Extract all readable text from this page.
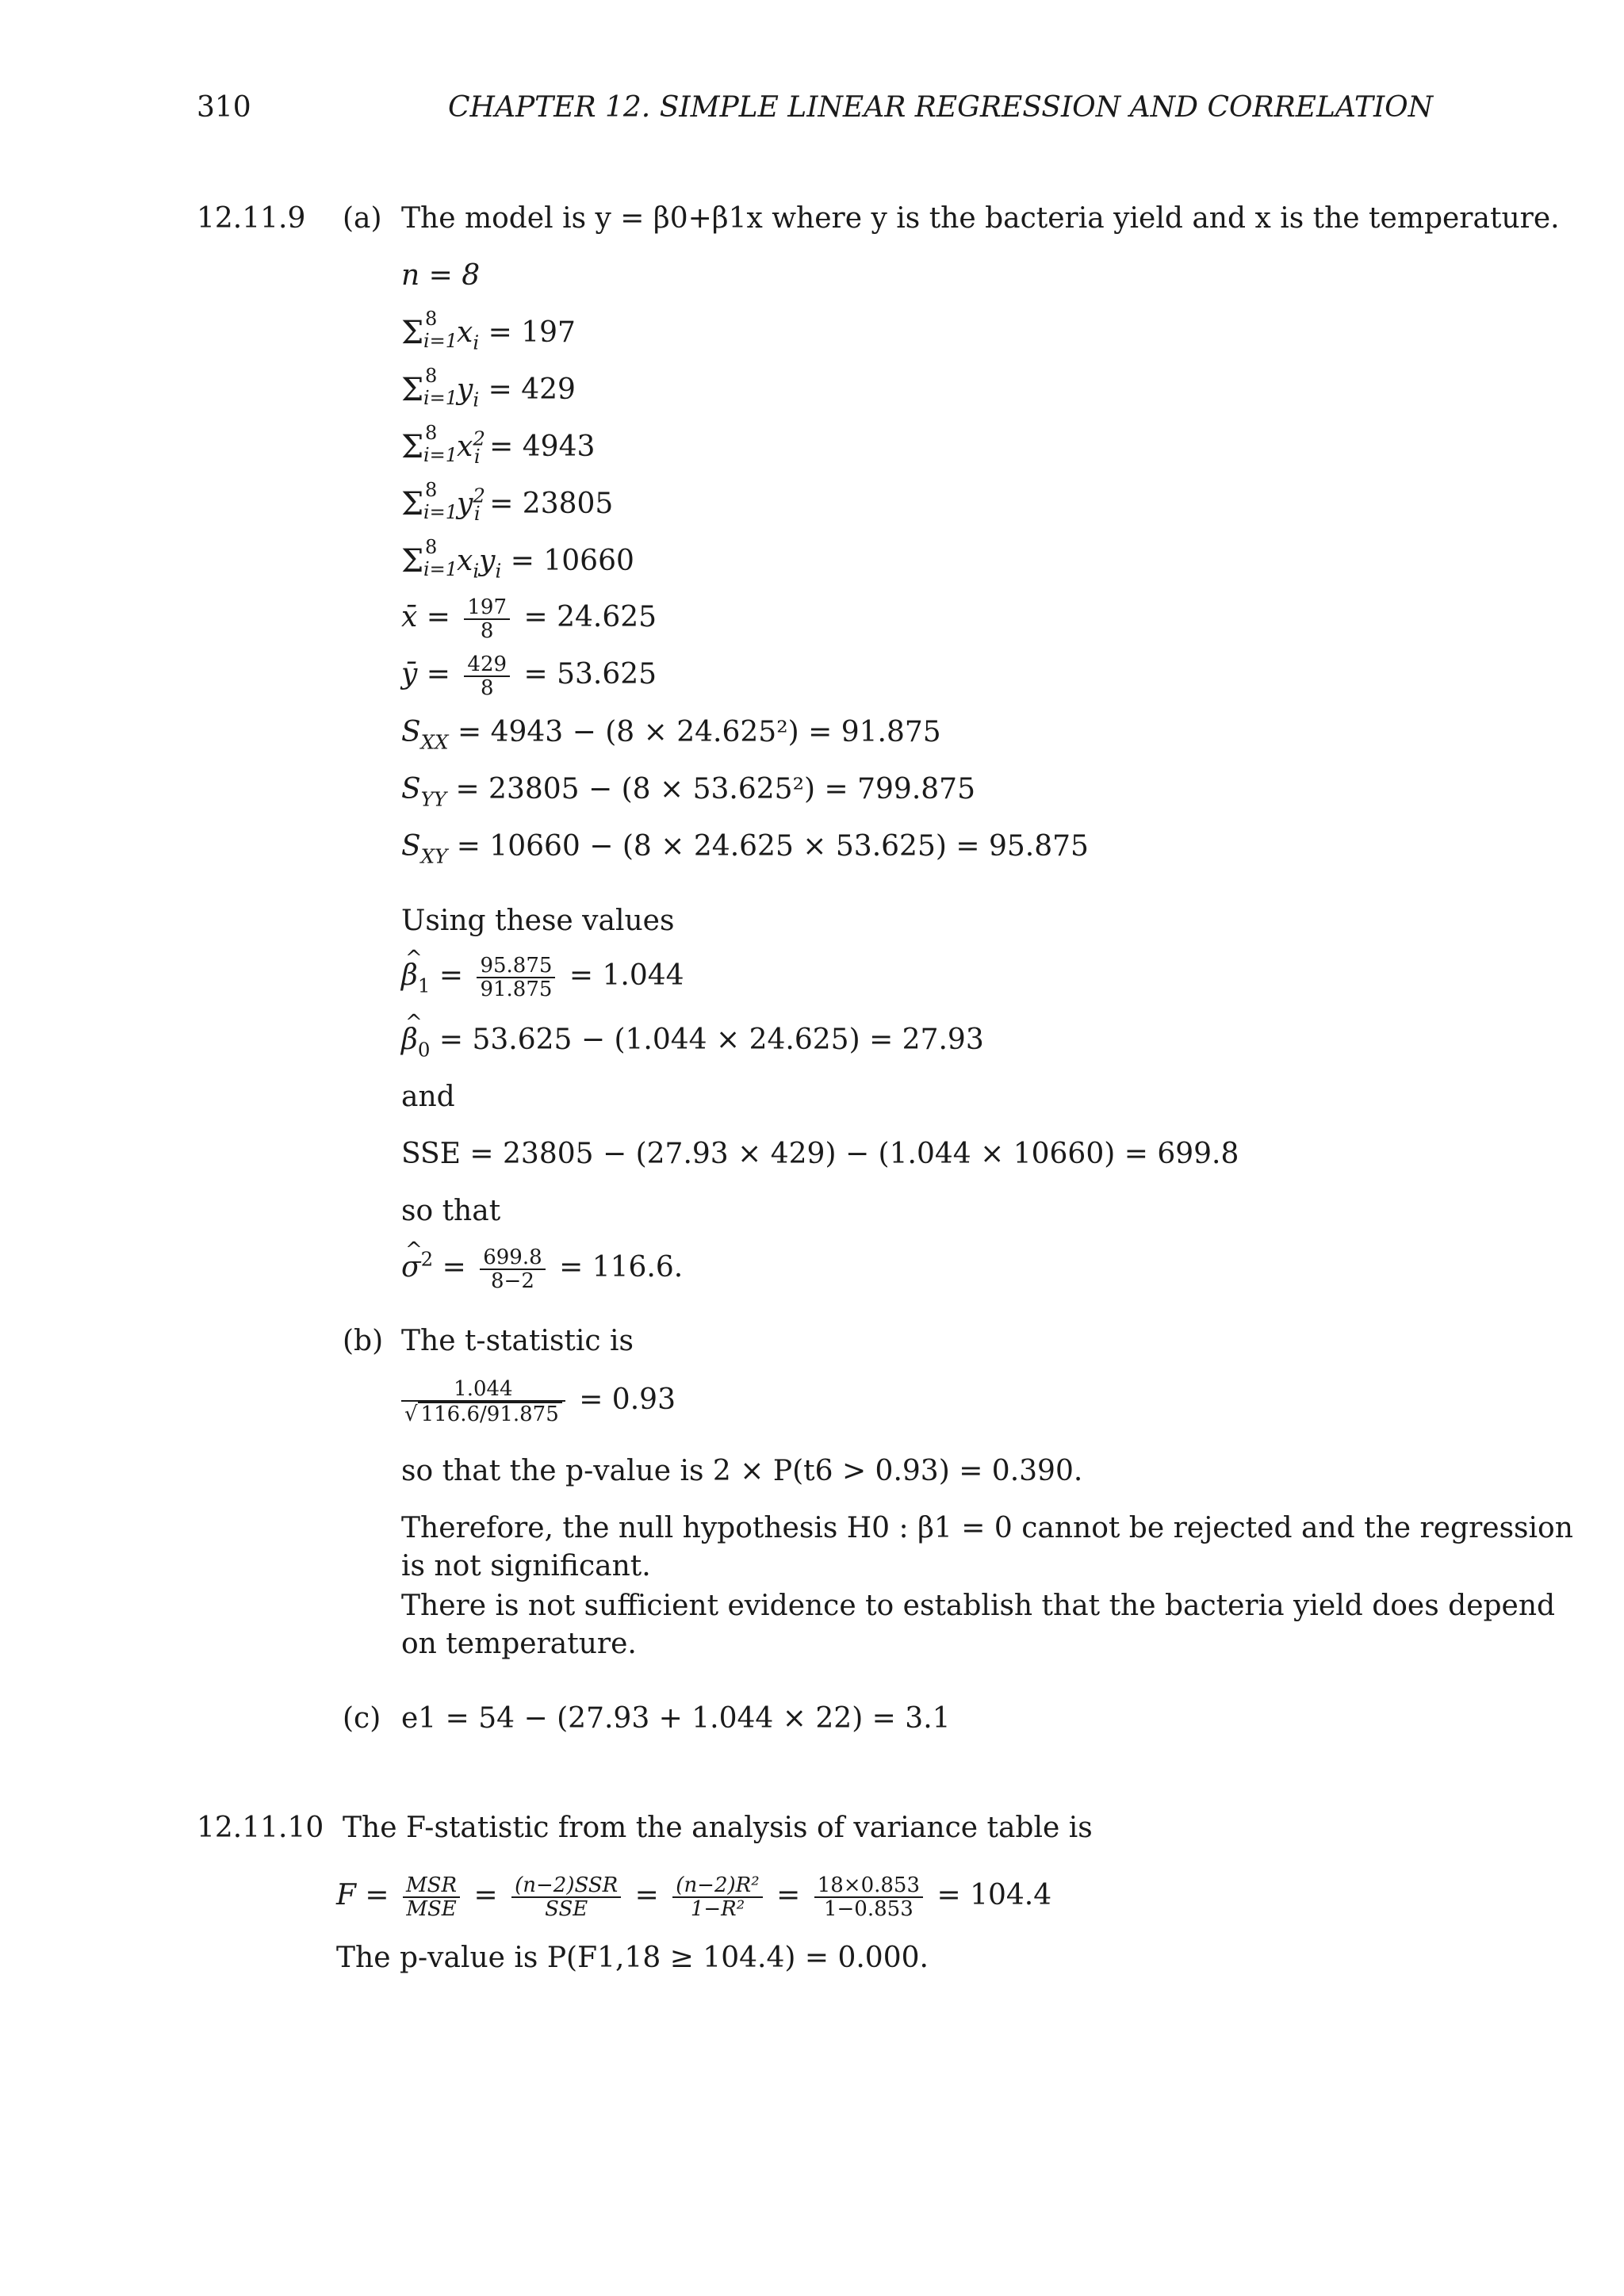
310	CHAPTER 12. SIMPLE LINEAR REGRESSION AND CORRELATION
12.11.9 (a) The model is y = β0+β1x where y is the bacteria yield and x is the temperature.
n = 8
Σ 8
i=1
$x_i = 197$
Σ 8
i=1
$y_i = 429$
Σ 8
i=1
$x^2_i = 4943$
Σ 8
i=1
$y^2_i = 23805$
Σ 8
i=1
$x_iy_i = 10660$
x̄ = $\frac{197}{8} = 24.625$
ȳ = $\frac{429}{8} = 53.625$
$S_{XX} = 4943 - (8 \times 24.625^2) = 91.875$
$S_{YY} = 23805 - (8 \times 53.625^2) = 799.875$
$S_{XY} = 10660 - (8 \times 24.625 \times 53.625) = 95.875$
Using these values
^ $\beta_1 = \frac{95.875}{91.875} = 1.044$
^ $\beta_0 = 53.625 - (1.044 \times 24.625) = 27.93$
and
SSE = 23805 − (27.93 × 429) − (1.044 × 10660) = 699.8
so that
^ $\sigma^2 = \frac{699.8}{8-2} = 116.6$.
(b) The t-statistic is
$\frac{1.044}{√ 116.6/91.875} = 0.93$
so that the p-value is 2 × P(t6 > 0.93) = 0.390.
Therefore, the null hypothesis H0 : β1 = 0 cannot be rejected and the regression
is not significant.
There is not sufficient evidence to establish that the bacteria yield does depend
on temperature.
(c) e1 = 54 − (27.93 + 1.044 × 22) = 3.1
12.11.10 The F-statistic from the analysis of variance table is
$F = \frac{\text{MSR}}{\text{MSE}} = \frac{\text{(n−2)SSR}}{\text{SSE}} = \frac{\text{(n−2)R²}}{\text{1−R²}} = \frac{18\times 0.853}{1-0.853} = 104.4$
The p-value is P(F1,18 ≥ 104.4) = 0.000.
